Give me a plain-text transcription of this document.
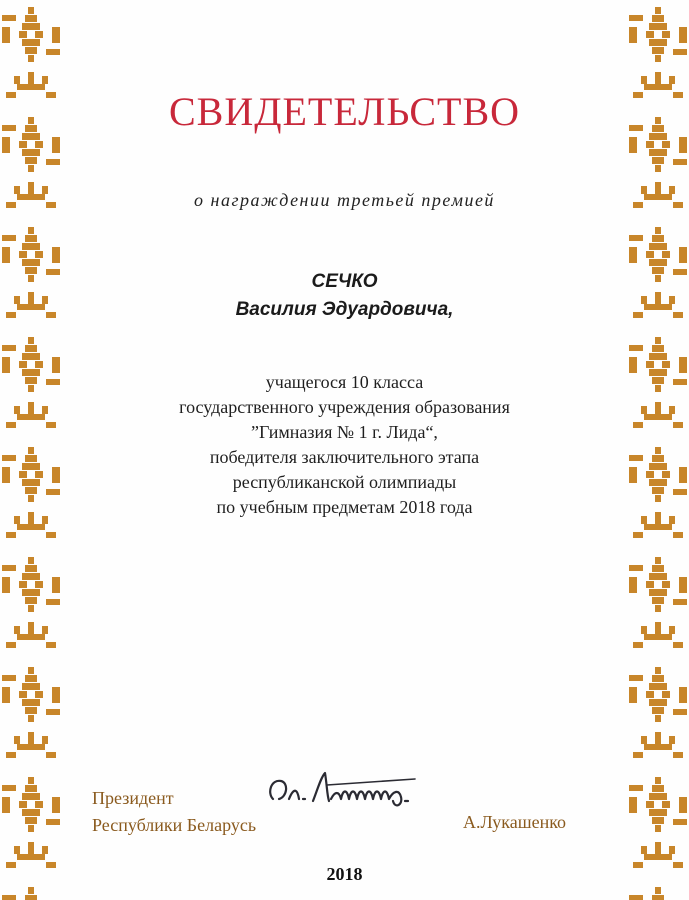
СВИДЕТЕЛЬСТВО
о награждении третьей премией
СЕЧКО
Василия Эдуардовича,
учащегося 10 класса
государственного учреждения образования
”Гимназия № 1 г. Лида“,
победителя заключительного этапа
республиканской олимпиады
по учебным предметам 2018 года
Президент
Республики Беларусь	А.Лукашенко
2018
